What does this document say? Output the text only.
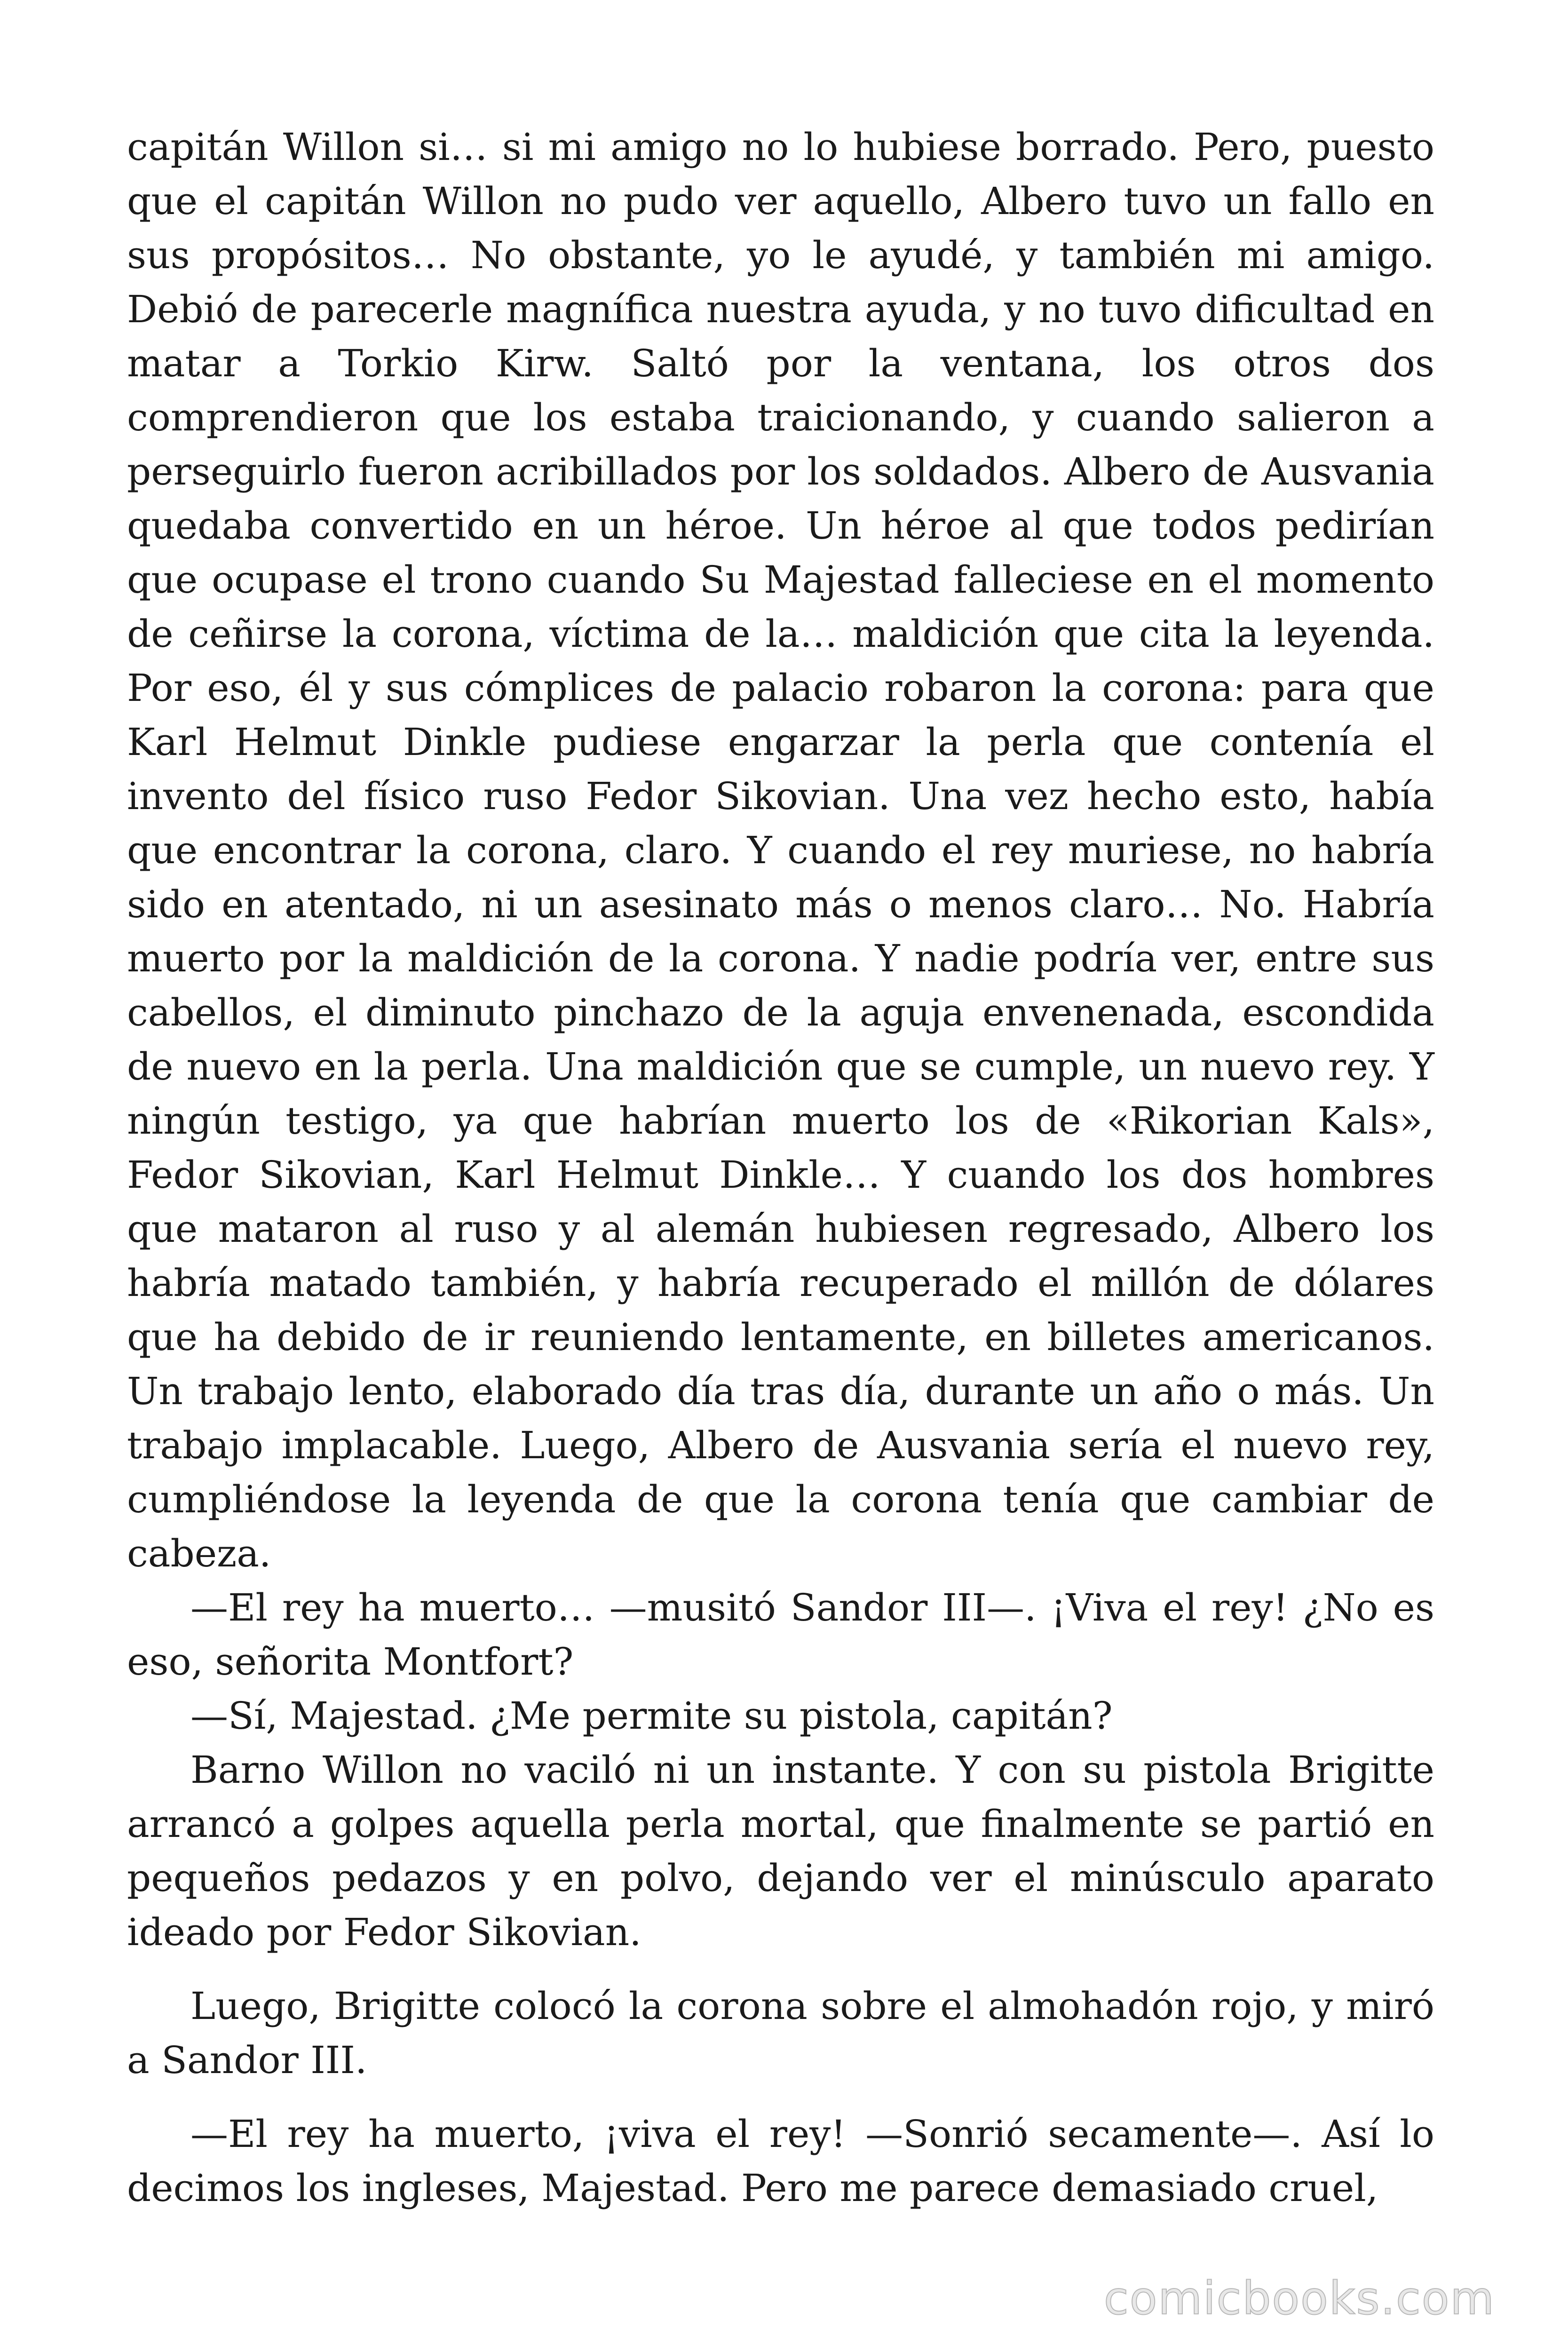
capitán Willon si… si mi amigo no lo hubiese borrado. Pero, puesto que el capitán Willon no pudo ver aquello, Albero tuvo un fallo en sus propósitos… No obstante, yo le ayudé, y también mi amigo. Debió de parecerle magnífica nuestra ayuda, y no tuvo dificultad en matar a Torkio Kirw. Saltó por la ventana, los otros dos comprendieron que los estaba traicionando, y cuando salieron a perseguirlo fueron acribillados por los soldados. Albero de Ausvania quedaba convertido en un héroe. Un héroe al que todos pedirían que ocupase el trono cuando Su Majestad falleciese en el momento de ceñirse la corona, víctima de la… maldición que cita la leyenda. Por eso, él y sus cómplices de palacio robaron la corona: para que Karl Helmut Dinkle pudiese engarzar la perla que contenía el invento del físico ruso Fedor Sikovian. Una vez hecho esto, había que encontrar la corona, claro. Y cuando el rey muriese, no habría sido en atentado, ni un asesinato más o menos claro… No. Habría muerto por la maldición de la corona. Y nadie podría ver, entre sus cabellos, el diminuto pinchazo de la aguja envenenada, escondida de nuevo en la perla. Una maldición que se cumple, un nuevo rey. Y ningún testigo, ya que habrían muerto los de «Rikorian Kals», Fedor Sikovian, Karl Helmut Dinkle… Y cuando los dos hombres que mataron al ruso y al alemán hubiesen regresado, Albero los habría matado también, y habría recuperado el millón de dólares que ha debido de ir reuniendo lentamente, en billetes americanos. Un trabajo lento, elaborado día tras día, durante un año o más. Un trabajo implacable. Luego, Albero de Ausvania sería el nuevo rey, cumpliéndose la leyenda de que la corona tenía que cambiar de cabeza.

—El rey ha muerto… —musitó Sandor III—. ¡Viva el rey! ¿No es eso, señorita Montfort?

—Sí, Majestad. ¿Me permite su pistola, capitán?

Barno Willon no vaciló ni un instante. Y con su pistola Brigitte arrancó a golpes aquella perla mortal, que finalmente se partió en pequeños pedazos y en polvo, dejando ver el minúsculo aparato ideado por Fedor Sikovian.

Luego, Brigitte colocó la corona sobre el almohadón rojo, y miró a Sandor III.

—El rey ha muerto, ¡viva el rey! —Sonrió secamente—. Así lo decimos los ingleses, Majestad. Pero me parece demasiado cruel,

comicbooks.com
